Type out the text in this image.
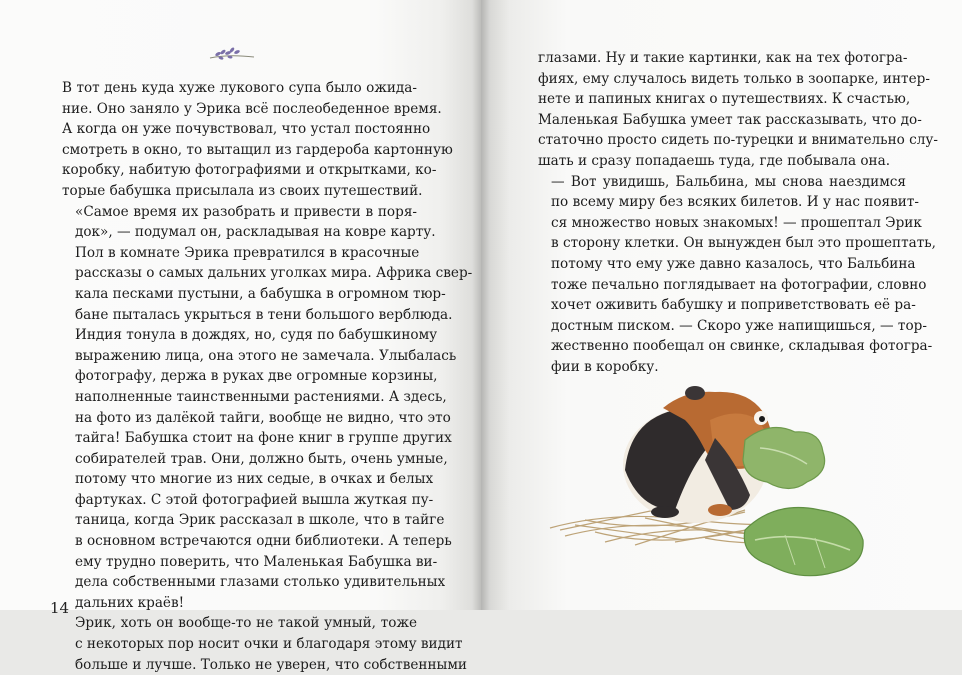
В тот день куда хуже лукового супа было ожида-
ние. Оно заняло у Эрика всё послеобеденное время.
А когда он уже почувствовал, что устал постоянно
смотреть в окно, то вытащил из гардероба картонную
коробку, набитую фотографиями и открытками, ко-
торые бабушка присылала из своих путешествий.

«Самое время их разобрать и привести в поря-
док», — подумал он, раскладывая на ковре карту.

Пол в комнате Эрика превратился в красочные
рассказы о самых дальних уголках мира. Африка свер-
кала песками пустыни, а бабушка в огромном тюр-
бане пыталась укрыться в тени большого верблюда.
Индия тонула в дождях, но, судя по бабушкиному
выражению лица, она этого не замечала. Улыбалась
фотографу, держа в руках две огромные корзины,
наполненные таинственными растениями. А здесь,
на фото из далёкой тайги, вообще не видно, что это
тайга! Бабушка стоит на фоне книг в группе других
собирателей трав. Они, должно быть, очень умные,
потому что многие из них седые, в очках и белых
фартуках. С этой фотографией вышла жуткая пу-
таница, когда Эрик рассказал в школе, что в тайге
в основном встречаются одни библиотеки. А теперь
ему трудно поверить, что Маленькая Бабушка ви-
дела собственными глазами столько удивительных
дальних краёв!

Эрик, хоть он вообще-то не такой умный, тоже
с некоторых пор носит очки и благодаря этому видит
больше и лучше. Только не уверен, что собственными

14

глазами. Ну и такие картинки, как на тех фотогра-
фиях, ему случалось видеть только в зоопарке, интер-
нете и папиных книгах о путешествиях. К счастью,
Маленькая Бабушка умеет так рассказывать, что до-
статочно просто сидеть по-турецки и внимательно слу-
шать и сразу попадаешь туда, где побывала она.

— Вот увидишь, Бальбина, мы снова наездимся
по всему миру без всяких билетов. И у нас появит-
ся множество новых знакомых! — прошептал Эрик
в сторону клетки. Он вынужден был это прошептать,
потому что ему уже давно казалось, что Бальбина
тоже печально поглядывает на фотографии, словно
хочет оживить бабушку и поприветствовать её ра-
достным писком. — Скоро уже напищишься, — тор-
жественно пообещал он свинке, складывая фотогра-
фии в коробку.
